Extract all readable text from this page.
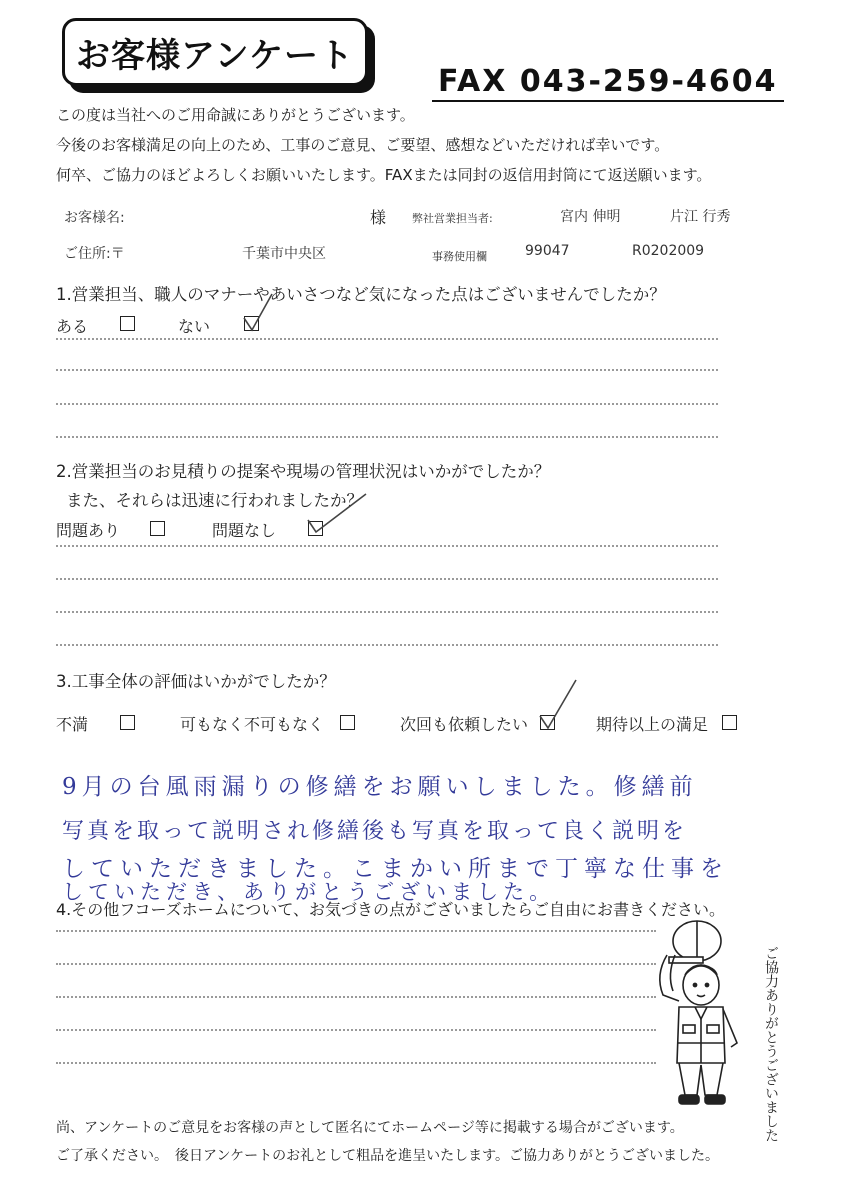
お客様アンケート
FAX 043-259-4604
この度は当社へのご用命誠にありがとうございます。
今後のお客様満足の向上のため、工事のご意見、ご要望、感想などいただければ幸いです。
何卒、ご協力のほどよろしくお願いいたします。FAXまたは同封の返信用封筒にて返送願います。
お客様名:	様 弊社営業担当者:	宮内 伸明	片江 行秀
ご住所:〒	千葉市中央区	事務使用欄	99047	R0202009
1.営業担当、職人のマナーやあいさつなど気になった点はございませんでしたか？
ある	ない
2.営業担当のお見積りの提案や現場の管理状況はいかがでしたか？
また、それらは迅速に行われましたか？
問題あり	問題なし
3.工事全体の評価はいかがでしたか？
不満	可もなく不可もなく	次回も依頼したい	期待以上の満足
9月の台風雨漏りの修繕をお願いしました。修繕前
写真を取って説明され修繕後も写真を取って良く説明を
していただきました。こまかい所まで丁寧な仕事を
していただき、ありがとうございました。
4.その他フコーズホームについて、お気づきの点がございましたらご自由にお書きください。
ご協力ありがとうございました
尚、アンケートのご意見をお客様の声として匿名にてホームページ等に掲載する場合がございます。
ご了承ください。　後日アンケートのお礼として粗品を進呈いたします。ご協力ありがとうございました。
